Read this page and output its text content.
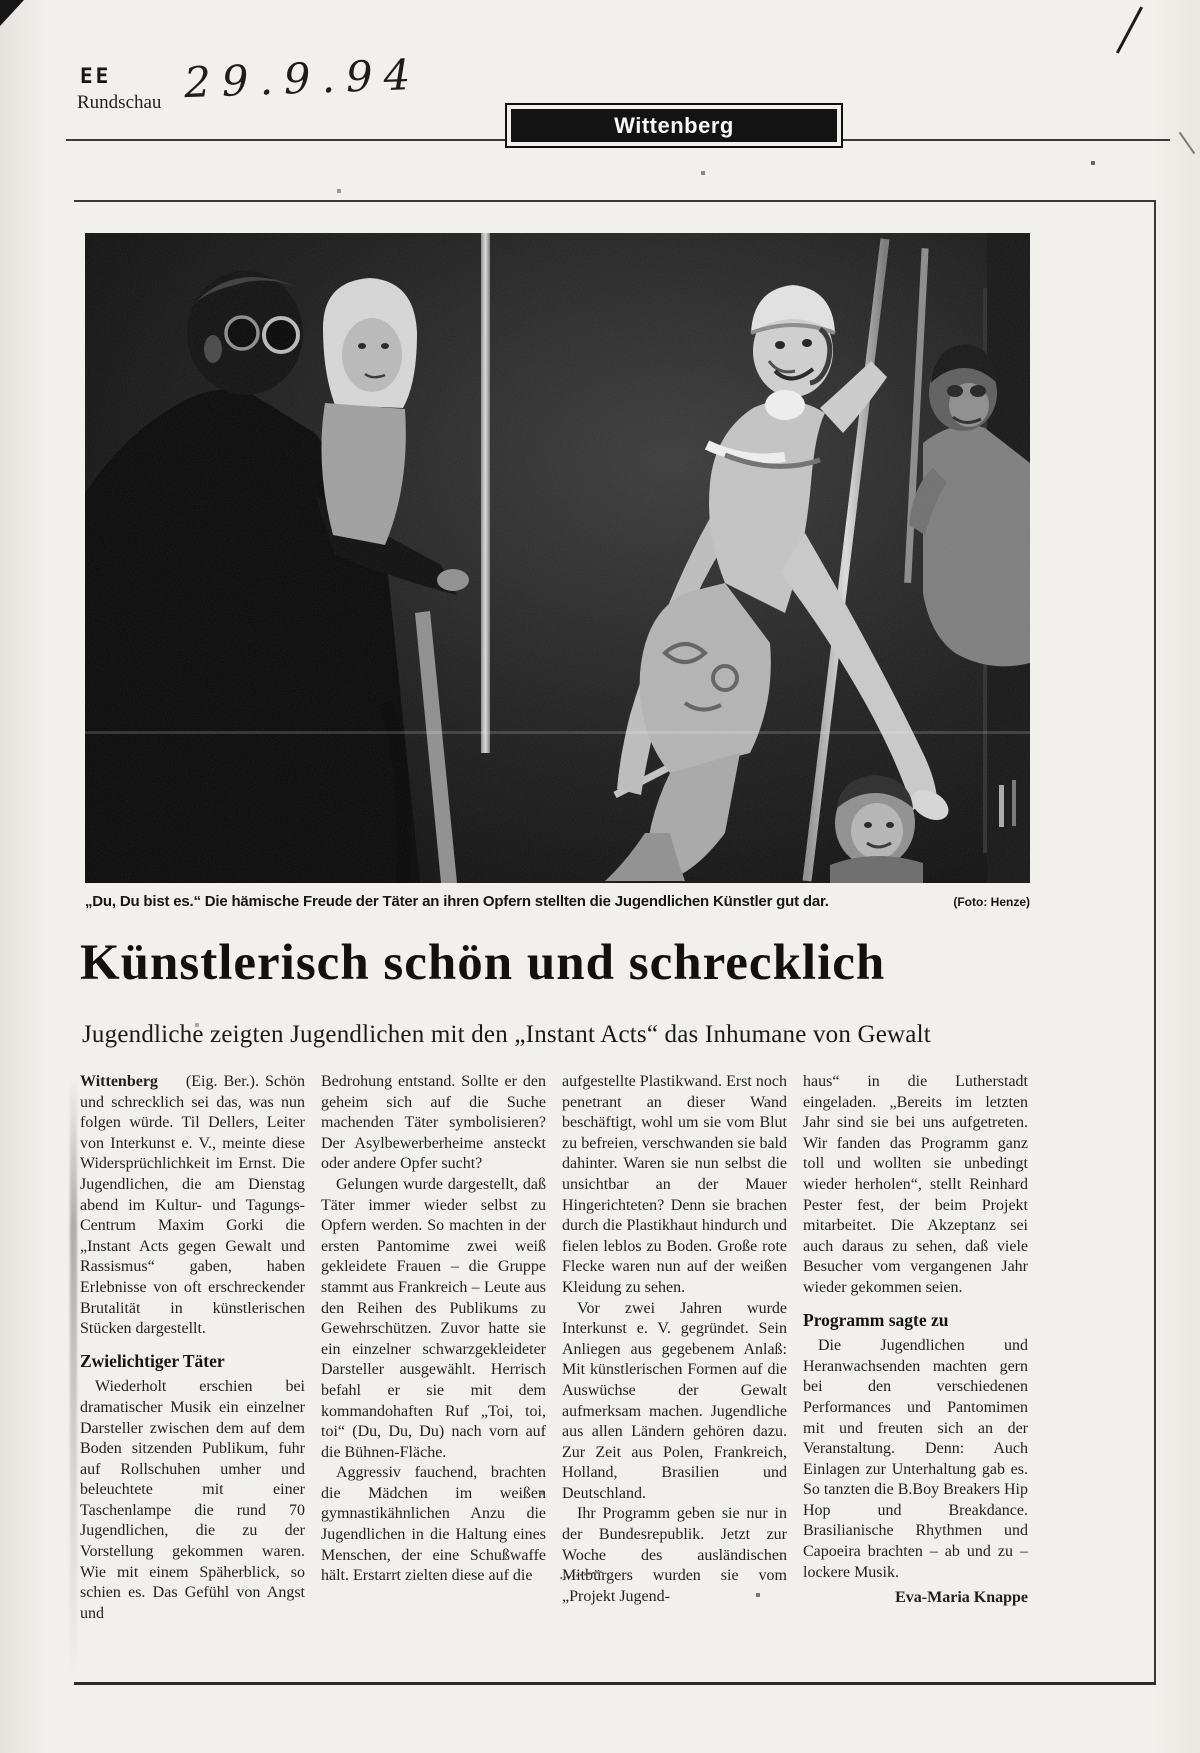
EE
Rundschau 29.9.94
Wittenberg
„Du, Du bist es.“ Die hämische Freude der Täter an ihren Opfern stellten die Jugendlichen Künstler gut dar.	(Foto: Henze)
Künstlerisch schön und schrecklich
Jugendliche zeigten Jugendlichen mit den „Instant Acts“ das Inhumane von Gewalt

Wittenberg (Eig. Ber.). Schön und schrecklich sei das, was nun folgen würde. Til Dellers, Leiter von Interkunst e. V., meinte diese Widersprüchlichkeit im Ernst. Die Jugendlichen, die am Dienstag abend im Kultur- und Tagungs-Centrum Maxim Gorki die „Instant Acts gegen Gewalt und Rassismus“ gaben, haben Erlebnisse von oft erschreckender Brutalität in künstlerischen Stücken dargestellt.

Zwielichtiger Täter

Wiederholt erschien bei dramatischer Musik ein einzelner Darsteller zwischen dem auf dem Boden sitzenden Publikum, fuhr auf Rollschuhen umher und beleuchtete mit einer Taschenlampe die rund 70 Jugendlichen, die zu der Vorstellung gekommen waren. Wie mit einem Späherblick, so schien es. Das Gefühl von Angst und

Bedrohung entstand. Sollte er den geheim sich auf die Suche machenden Täter symbolisieren? Der Asylbewerberheime ansteckt oder andere Opfer sucht?

Gelungen wurde dargestellt, daß Täter immer wieder selbst zu Opfern werden. So machten in der ersten Pantomime zwei weiß gekleidete Frauen – die Gruppe stammt aus Frankreich – Leute aus den Reihen des Publikums zu Gewehrschützen. Zuvor hatte sie ein einzelner schwarzgekleideter Darsteller ausgewählt. Herrisch befahl er sie mit dem kommandohaften Ruf „Toi, toi, toi“ (Du, Du, Du) nach vorn auf die Bühnen-Fläche.

Aggressiv fauchend, brachten die Mädchen im weißen gymnastikähnlichen Anzu die Jugendlichen in die Haltung eines Menschen, der eine Schußwaffe hält. Erstarrt zielten diese auf die

aufgestellte Plastikwand. Erst noch penetrant an dieser Wand beschäftigt, wohl um sie vom Blut zu befreien, verschwanden sie bald dahinter. Waren sie nun selbst die unsichtbar an der Mauer Hingerichteten? Denn sie brachen durch die Plastikhaut hindurch und fielen leblos zu Boden. Große rote Flecke waren nun auf der weißen Kleidung zu sehen.

Vor zwei Jahren wurde Interkunst e. V. gegründet. Sein Anliegen aus gegebenem Anlaß: Mit künstlerischen Formen auf die Auswüchse der Gewalt aufmerksam machen. Jugendliche aus allen Ländern gehören dazu. Zur Zeit aus Polen, Frankreich, Holland, Brasilien und Deutschland.

Ihr Programm geben sie nur in der Bundesrepublik. Jetzt zur Woche des ausländischen Mitbürgers wurden sie vom „Projekt Jugend-

haus“ in die Lutherstadt eingeladen. „Bereits im letzten Jahr sind sie bei uns aufgetreten. Wir fanden das Programm ganz toll und wollten sie unbedingt wieder herholen“, stellt Reinhard Pester fest, der beim Projekt mitarbeitet. Die Akzeptanz sei auch daraus zu sehen, daß viele Besucher vom vergangenen Jahr wieder gekommen seien.

Programm sagte zu

Die Jugendlichen und Heranwachsenden machten gern bei den verschiedenen Performances und Pantomimen mit und freuten sich an der Veranstaltung. Denn: Auch Einlagen zur Unterhaltung gab es. So tanzten die B.Boy Breakers Hip Hop und Breakdance. Brasilianische Rhythmen und Capoeira brachten – ab und zu – lockere Musik.

Eva-Maria Knappe
